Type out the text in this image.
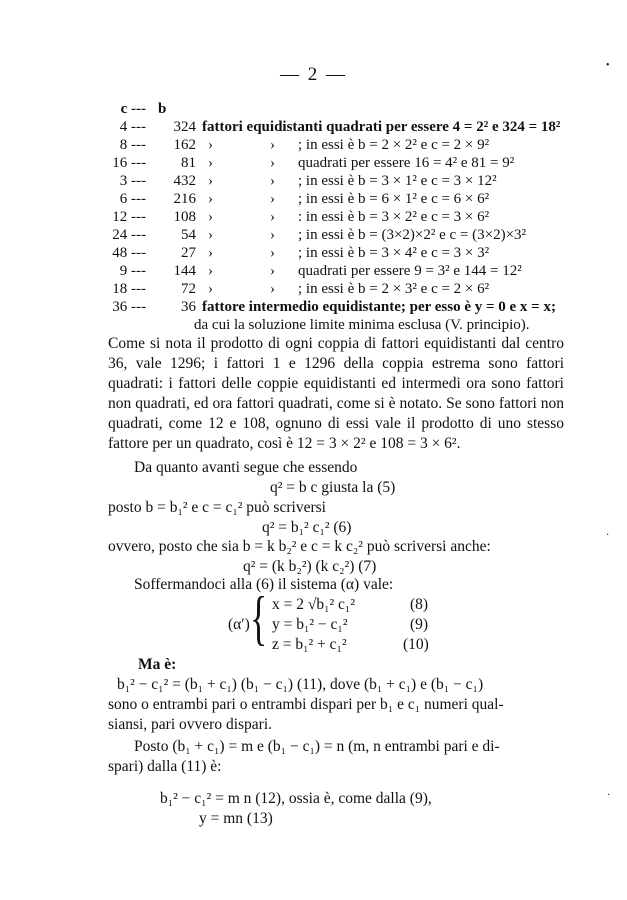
— 2 —
c --- b
4 ---	324 fattori equidistanti quadrati per essere 4 = 2² e 324 = 18²
8 ---	162 ›	› ; in essi è b = 2 × 2² e c = 2 × 9²
16 ---	81 ›	› quadrati per essere 16 = 4² e 81 = 9²
3 ---	432 ›	› ; in essi è b = 3 × 1² e c = 3 × 12²
6 ---	216 ›	› ; in essi è b = 6 × 1² e c = 6 × 6²
12 ---	108 ›	› : in essi è b = 3 × 2² e c = 3 × 6²
24 ---	54 ›	› ; in essi è b = (3×2)×2² e c = (3×2)×3²
48 ---	27 ›	› ; in essi è b = 3 × 4² e c = 3 × 3²
9 ---	144 ›	› quadrati per essere 9 = 3² e 144 = 12²
18 ---	72 ›	› ; in essi è b = 2 × 3² e c = 2 × 6²
36 ---	36 fattore intermedio equidistante; per esso è y = 0 e x = x;
da cui la soluzione limite minima esclusa (V. principio).
Come si nota il prodotto di ogni coppia di fattori equidistanti dal centro 36, vale 1296; i fattori 1 e 1296 della coppia estrema sono fattori quadrati: i fattori delle coppie equidistanti ed intermedi ora sono fattori non quadrati, ed ora fattori quadrati, come si è notato. Se sono fattori non quadrati, come 12 e 108, ognuno di essi vale il prodotto di uno stesso fattore per un quadrato, così è 12 = 3 × 2² e 108 = 3 × 6².
Da quanto avanti segue che essendo
q² = b c giusta la (5)
posto b = b₁² e c = c₁² può scriversi
q² = b₁² c₁² (6)
ovvero, posto che sia b = k b₂² e c = k c₂² può scriversi anche:
q² = (k b₂²) (k c₂²) (7)
Soffermandoci alla (6) il sistema (α) vale:
(α′) { x = 2 √b₁² c₁²	(8)
y = b₁² − c₁²	(9)
z = b₁² + c₁²	(10)
Ma è:
b₁² − c₁² = (b₁ + c₁) (b₁ − c₁) (11), dove (b₁ + c₁) e (b₁ − c₁)
sono o entrambi pari o entrambi dispari per b₁ e c₁ numeri qual-
siansi, pari ovvero dispari.
Posto (b₁ + c₁) = m e (b₁ − c₁) = n (m, n entrambi pari e di-
spari) dalla (11) è:
b₁² − c₁² = m n (12), ossia è, come dalla (9),
y = mn (13)
•
·
·
